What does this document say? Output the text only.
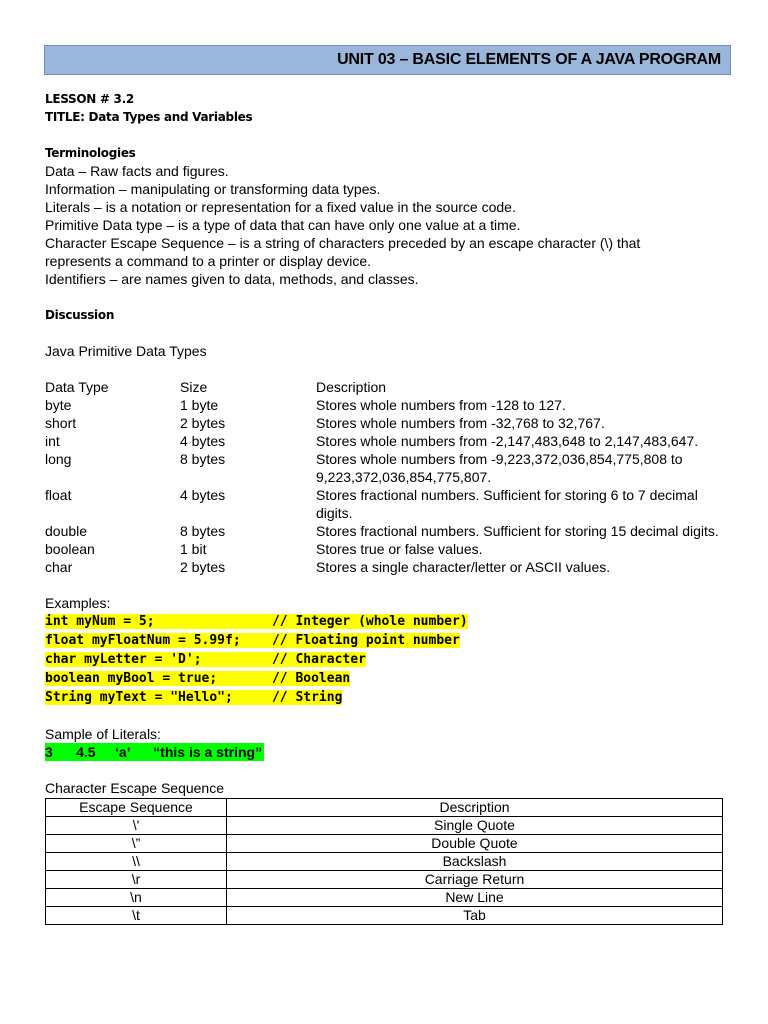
UNIT 03 – BASIC ELEMENTS OF A JAVA PROGRAM
LESSON # 3.2
TITLE: Data Types and Variables
Terminologies
Data – Raw facts and figures.
Information – manipulating or transforming data types.
Literals – is a notation or representation for a fixed value in the source code.
Primitive Data type – is a type of data that can have only one value at a time.
Character Escape Sequence – is a string of characters preceded by an escape character (\) that
represents a command to a printer or display device.
Identifiers – are names given to data, methods, and classes.
Discussion
Java Primitive Data Types
Data Type	Size	Description
byte	1 byte	Stores whole numbers from -128 to 127.
short	2 bytes	Stores whole numbers from -32,768 to 32,767.
int	4 bytes	Stores whole numbers from -2,147,483,648 to 2,147,483,647.
long	8 bytes	Stores whole numbers from -9,223,372,036,854,775,808 to 9,223,372,036,854,775,807.
float	4 bytes	Stores fractional numbers. Sufficient for storing 6 to 7 decimal digits.
double	8 bytes	Stores fractional numbers. Sufficient for storing 15 decimal digits.
boolean	1 bit	Stores true or false values.
char	2 bytes	Stores a single character/letter or ASCII values.
Examples:
int myNum = 5;               // Integer (whole number)
float myFloatNum = 5.99f;    // Floating point number
char myLetter = 'D';         // Character
boolean myBool = true;       // Boolean
String myText = "Hello";     // String
Sample of Literals:
3      4.5     ‘a’      “this is a string”
Character Escape Sequence
Escape Sequence	Description
\'	Single Quote
\”	Double Quote
\\	Backslash
\r	Carriage Return
\n	New Line
\t	Tab
